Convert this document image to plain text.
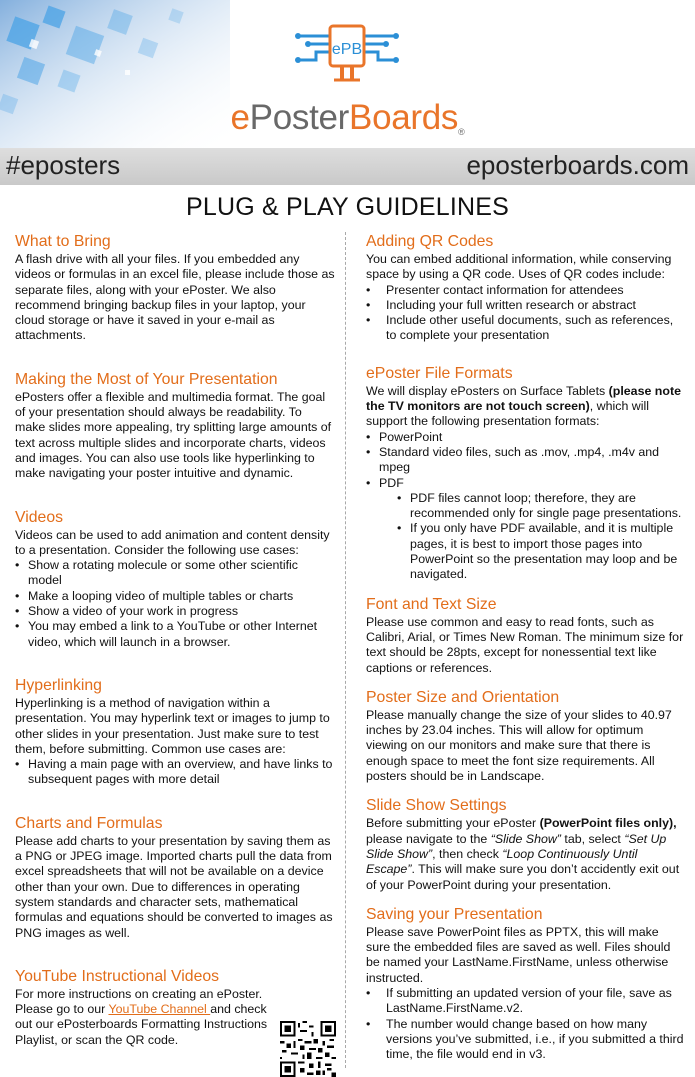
ePB
ePosterBoards®
#eposters	eposterboards.com
PLUG & PLAY GUIDELINES
What to Bring

A flash drive with all your files. If you embedded any videos or formulas in an excel file, please include those as separate files, along with your ePoster. We also recommend bringing backup files in your laptop, your cloud storage or have it saved in your e-mail as attachments.

Making the Most of Your Presentation

ePosters offer a flexible and multimedia format. The goal of your presentation should always be readability. To make slides more appealing, try splitting large amounts of text across multiple slides and incorporate charts, videos and images. You can also use tools like hyperlinking to make navigating your poster intuitive and dynamic.

Videos

Videos can be used to add animation and content density to a presentation. Consider the following use cases:

• Show a rotating molecule or some other scientific model
• Make a looping video of multiple tables or charts
• Show a video of your work in progress
• You may embed a link to a YouTube or other Internet video, which will launch in a browser.
Hyperlinking

Hyperlinking is a method of navigation within a presentation. You may hyperlink text or images to jump to other slides in your presentation. Just make sure to test them, before submitting. Common use cases are:

• Having a main page with an overview, and have links to subsequent pages with more detail
Charts and Formulas

Please add charts to your presentation by saving them as a PNG or JPEG image. Imported charts pull the data from excel spreadsheets that will not be available on a device other than your own. Due to differences in operating system standards and character sets, mathematical formulas and equations should be converted to images as PNG images as well.

YouTube Instructional Videos

For more instructions on creating an ePoster. Please go to our YouTube Channel and check out our ePosterboards Formatting Instructions Playlist, or scan the QR code.

Adding QR Codes

You can embed additional information, while conserving space by using a QR code. Uses of QR codes include:

• Presenter contact information for attendees
• Including your full written research or abstract
• Include other useful documents, such as references, to complete your presentation
ePoster File Formats

We will display ePosters on Surface Tablets (please note the TV monitors are not touch screen), which will support the following presentation formats:

• PowerPoint
• Standard video files, such as .mov, .mp4, .m4v and mpeg
• PDF
• PDF files cannot loop; therefore, they are recommended only for single page presentations.
• If you only have PDF available, and it is multiple pages, it is best to import those pages into PowerPoint so the presentation may loop and be navigated.
Font and Text Size

Please use common and easy to read fonts, such as Calibri, Arial, or Times New Roman. The minimum size for text should be 28pts, except for nonessential text like captions or references.

Poster Size and Orientation

Please manually change the size of your slides to 40.97 inches by 23.04 inches. This will allow for optimum viewing on our monitors and make sure that there is enough space to meet the font size requirements. All posters should be in Landscape.

Slide Show Settings

Before submitting your ePoster (PowerPoint files only), please navigate to the “Slide Show” tab, select “Set Up Slide Show”, then check “Loop Continuously Until Escape”. This will make sure you don’t accidently exit out of your PowerPoint during your presentation.

Saving your Presentation

Please save PowerPoint files as PPTX, this will make sure the embedded files are saved as well. Files should be named your LastName.FirstName, unless otherwise instructed.

• If submitting an updated version of your file, save as LastName.FirstName.v2.
• The number would change based on how many versions you’ve submitted, i.e., if you submitted a third time, the file would end in v3.
